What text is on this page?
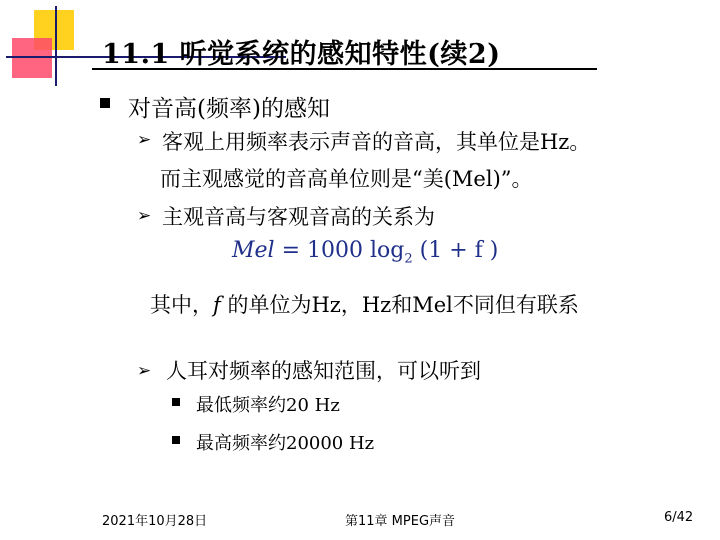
11.1 听觉系统的感知特性(续2)
对音高(频率)的感知
➢ 客观上用频率表示声音的音高，其单位是Hz。
而主观感觉的音高单位则是“美(Mel)”。
➢ 主观音高与客观音高的关系为
Mel = 1000 $\log_2 (1 + f$ )
其中，f 的单位为Hz，Hz和Mel不同但有联系
➢ 人耳对频率的感知范围，可以听到
最低频率约20 Hz
最高频率约20000 Hz
2021年10月28日	第11章 MPEG声音	6/42
